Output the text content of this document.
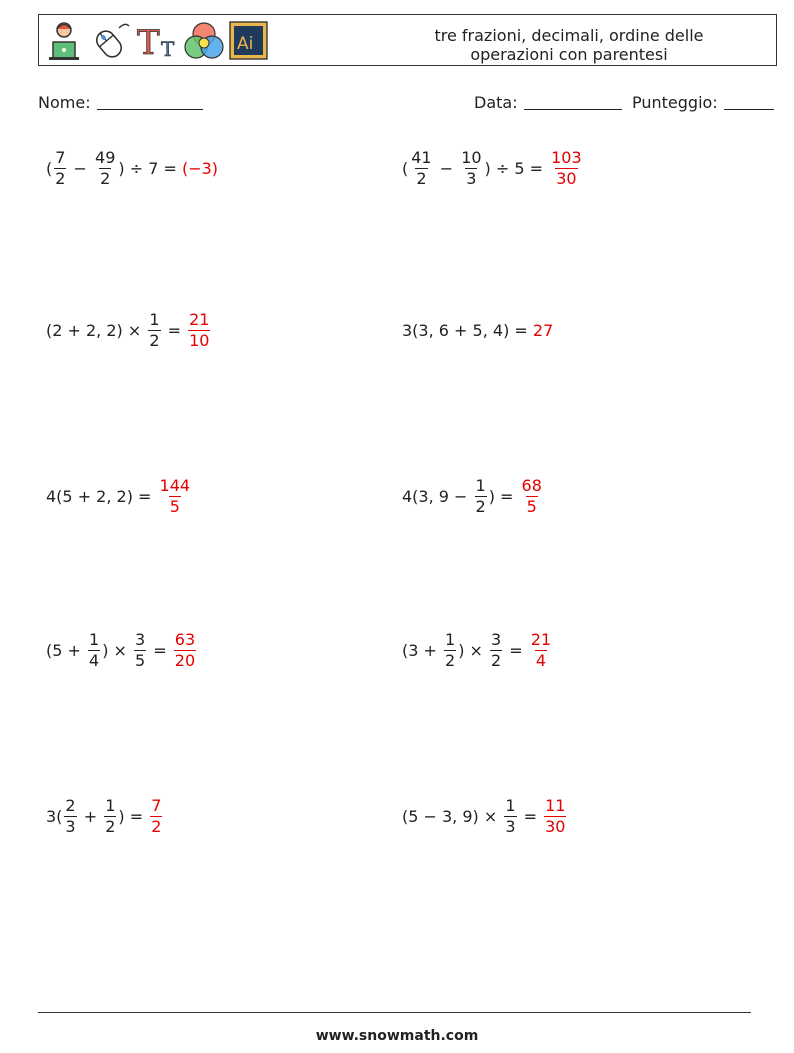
T T	Ai	tre frazioni, decimali, ordine delle
operazioni con parentesi
Nome:	Data:	Punteggio:
( $\frac{7}{2} - \frac{49}{2}$ ) ÷ 7 = (−3)	( $\frac{41}{2} - \frac{10}{3}$ ) ÷ $5 = \frac{103}{30}$
(2 + 2, $2) \times \frac{1}{2} = \frac{21}{10}$	3(3, 6 + 5, 4) = 27
4(5 + 2, $2) = \frac{144}{5}$	4(3, $9 - \frac{1}{2}$ ) = $\frac{68}{5}$
($5 + \frac{1}{4}$ ) × $\frac{3}{5} = \frac{63}{20}$	($3 + \frac{1}{2}$ ) × $\frac{3}{2} = \frac{21}{4}$
$3( \frac{2}{3} + \frac{1}{2}$ ) = $\frac{7}{2}$	(5 − 3, $9) \times \frac{1}{3} = \frac{11}{30}$
www.snowmath.com
